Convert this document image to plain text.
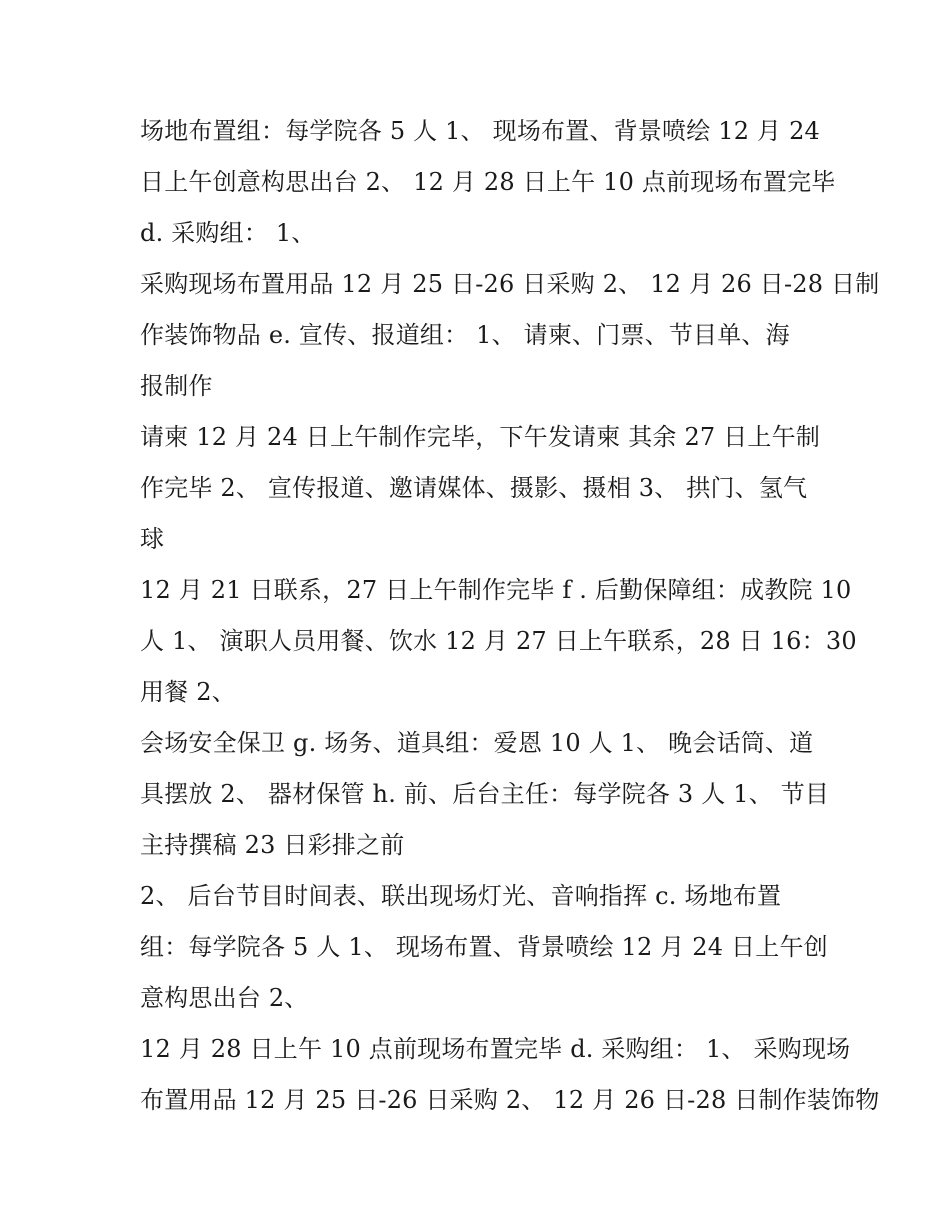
场地布置组：每学院各 5 人 1、 现场布置、背景喷绘 12 月 24
日上午创意构思出台 2、 12 月 28 日上午 10 点前现场布置完毕
d. 采购组： 1、
采购现场布置用品 12 月 25 日-26 日采购 2、 12 月 26 日-28 日制
作装饰物品 e. 宣传、报道组： 1、 请柬、门票、节目单、海
报制作
请柬 12 月 24 日上午制作完毕，下午发请柬 其余 27 日上午制
作完毕 2、 宣传报道、邀请媒体、摄影、摄相 3、 拱门、氢气
球
12 月 21 日联系，27 日上午制作完毕 f . 后勤保障组：成教院 10
人 1、 演职人员用餐、饮水 12 月 27 日上午联系，28 日 16：30
用餐 2、
会场安全保卫 g. 场务、道具组：爱恩 10 人 1、 晚会话筒、道
具摆放 2、 器材保管 h. 前、后台主任：每学院各 3 人 1、 节目
主持撰稿 23 日彩排之前
2、 后台节目时间表、联出现场灯光、音响指挥 c. 场地布置
组：每学院各 5 人 1、 现场布置、背景喷绘 12 月 24 日上午创
意构思出台 2、
12 月 28 日上午 10 点前现场布置完毕 d. 采购组： 1、 采购现场
布置用品 12 月 25 日-26 日采购 2、 12 月 26 日-28 日制作装饰物
